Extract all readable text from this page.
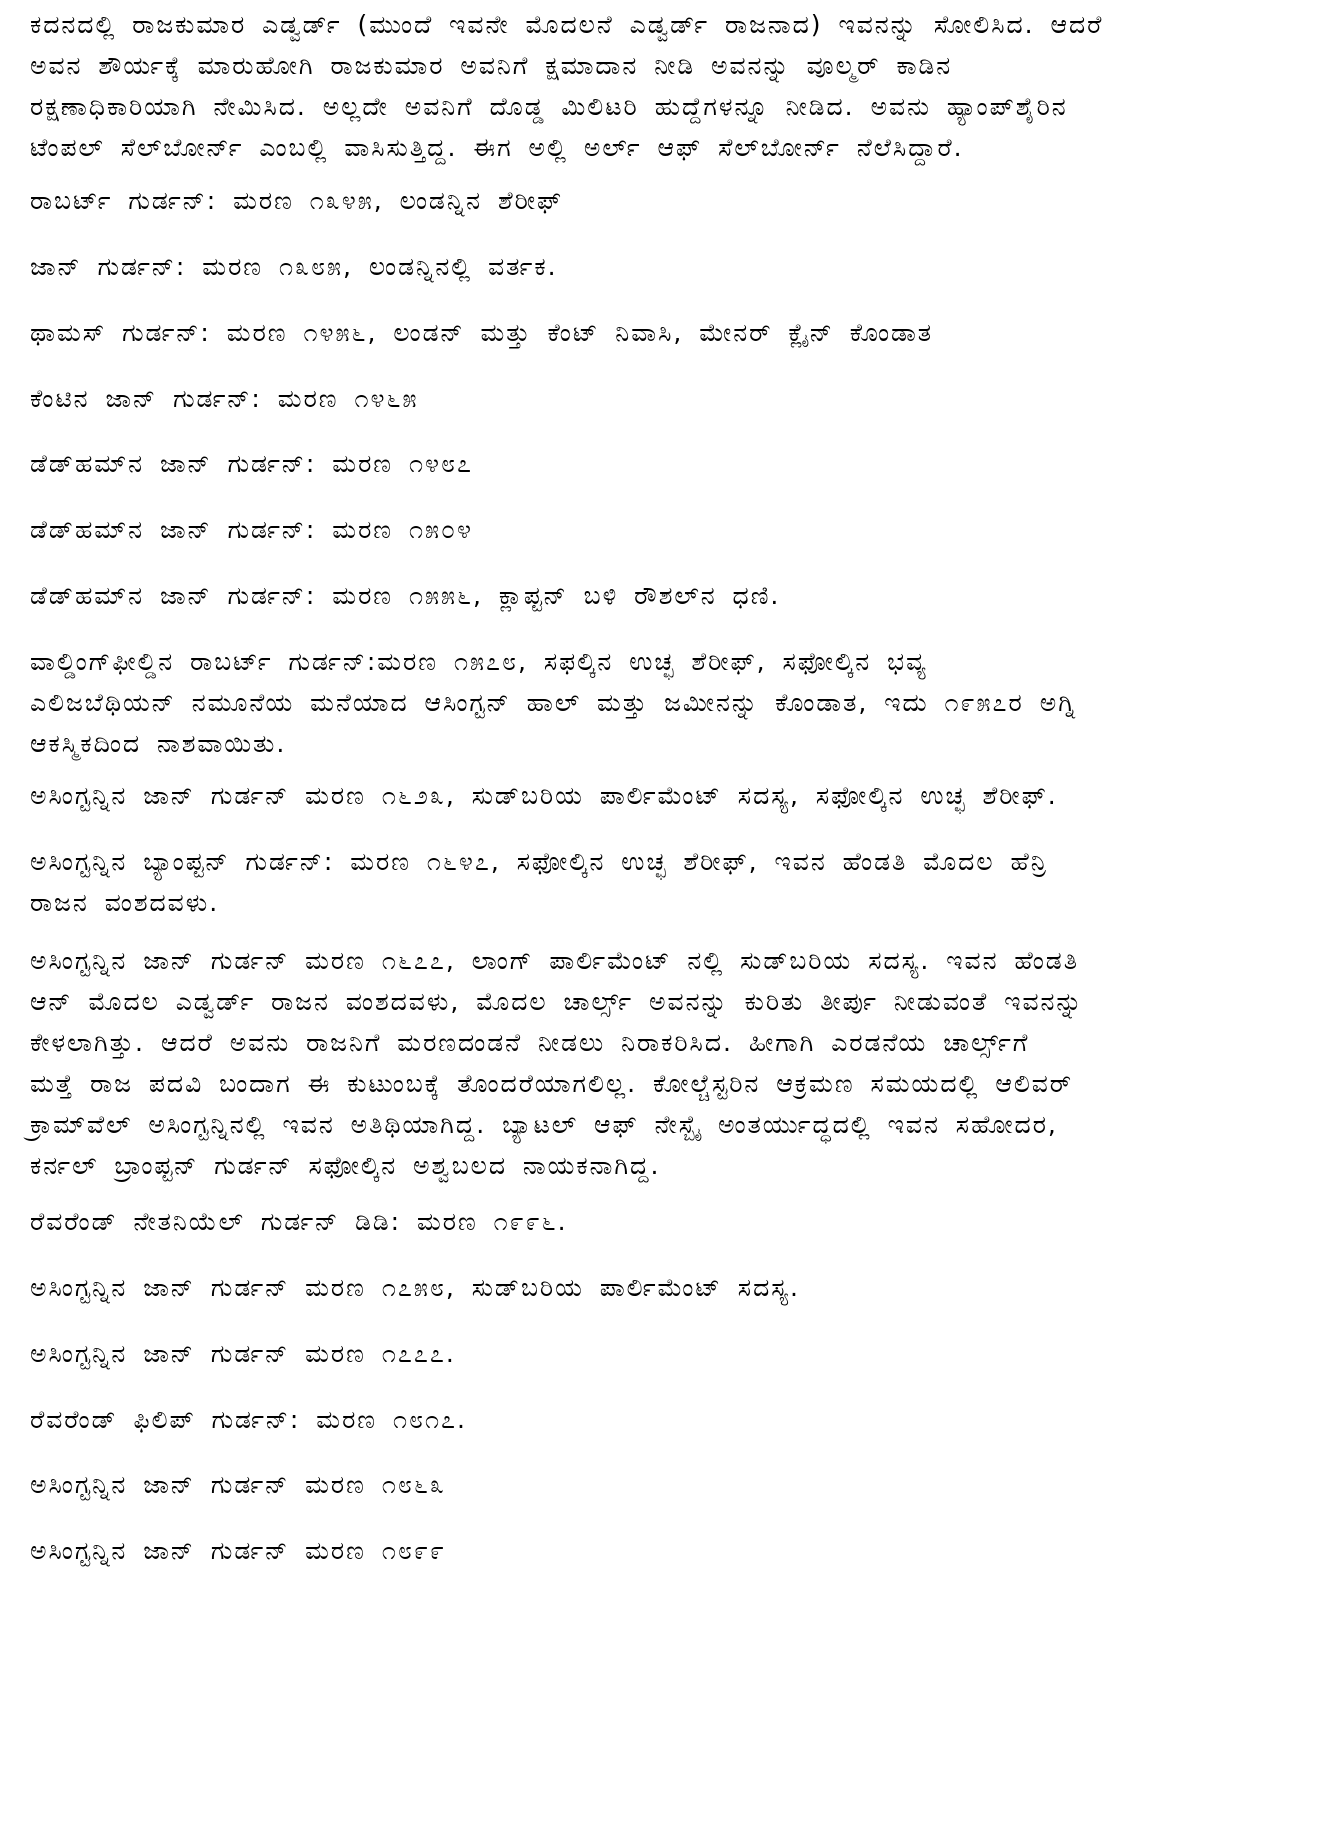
ಕದನದಲ್ಲಿ ರಾಜಕುಮಾರ ಎಡ್ವರ್ಡ್ (ಮುಂದೆ ಇವನೇ ಮೊದಲನೆ ಎಡ್ವರ್ಡ್ ರಾಜನಾದ) ಇವನನ್ನು ಸೋಲಿಸಿದ. ಆದರೆ
ಅವನ ಶೌರ್ಯಕ್ಕೆ ಮಾರುಹೋಗಿ ರಾಜಕುಮಾರ ಅವನಿಗೆ ಕ್ಷಮಾದಾನ ನೀಡಿ ಅವನನ್ನು ವೂಲ್ಮರ್ ಕಾಡಿನ
ರಕ್ಷಣಾಧಿಕಾರಿಯಾಗಿ ನೇಮಿಸಿದ. ಅಲ್ಲದೇ ಅವನಿಗೆ ದೊಡ್ಡ ಮಿಲಿಟರಿ ಹುದ್ದೆಗಳನ್ನೂ ನೀಡಿದ. ಅವನು ಹ್ಯಾಂಪ್‌ಶೈರಿನ
ಟೆಂಪಲ್ ಸೆಲ್‌ಬೋರ್ನ್ ಎಂಬಲ್ಲಿ ವಾಸಿಸುತ್ತಿದ್ದ. ಈಗ ಅಲ್ಲಿ ಅರ್ಲ್ ಆಫ್ ಸೆಲ್‌ಬೋರ್ನ್ ನೆಲೆಸಿದ್ದಾರೆ.

ರಾಬರ್ಟ್ ಗುರ್ಡನ್: ಮರಣ ೧೩೪೫, ಲಂಡನ್ನಿನ ಶೆರೀಫ್

ಜಾನ್ ಗುರ್ಡನ್: ಮರಣ ೧೩೮೫, ಲಂಡನ್ನಿನಲ್ಲಿ ವರ್ತಕ.

ಥಾಮಸ್ ಗುರ್ಡನ್: ಮರಣ ೧೪೫೬, ಲಂಡನ್ ಮತ್ತು ಕೆಂಟ್ ನಿವಾಸಿ, ಮೇನರ್ ಕ್ಲೈನ್ ಕೊಂಡಾತ

ಕೆಂಟಿನ ಜಾನ್ ಗುರ್ಡನ್: ಮರಣ ೧೪೬೫

ಡೆಡ್‌ಹಮ್‌ನ ಜಾನ್ ಗುರ್ಡನ್: ಮರಣ ೧೪೮೭

ಡೆಡ್‌ಹಮ್‌ನ ಜಾನ್ ಗುರ್ಡನ್: ಮರಣ ೧೫೦೪

ಡೆಡ್‌ಹಮ್‌ನ ಜಾನ್ ಗುರ್ಡನ್: ಮರಣ ೧೫೫೬, ಕ್ಲಾಪ್ಟನ್ ಬಳಿ ರೌಶಲ್‌ನ ಧಣಿ.

ವಾಲ್ಡಿಂಗ್‌ಫೀಲ್ಡಿನ ರಾಬರ್ಟ್ ಗುರ್ಡನ್:ಮರಣ ೧೫೭೮, ಸಫಲ್ಕಿನ ಉಚ್ಛ ಶೆರೀಫ್, ಸಫೋಲ್ಕಿನ ಭವ್ಯ
ಎಲಿಜಬೆಥಿಯನ್ ನಮೂನೆಯ ಮನೆಯಾದ ಆಸಿಂಗ್ಟನ್ ಹಾಲ್ ಮತ್ತು ಜಮೀನನ್ನು ಕೊಂಡಾತ, ಇದು ೧೯೫೭ರ ಅಗ್ನಿ
ಆಕಸ್ಮಿಕದಿಂದ ನಾಶವಾಯಿತು.

ಅಸಿಂಗ್ಟನ್ನಿನ ಜಾನ್ ಗುರ್ಡನ್ ಮರಣ ೧೬೨೩, ಸುಡ್‌ಬರಿಯ ಪಾರ್ಲಿಮೆಂಟ್ ಸದಸ್ಯ, ಸಫೋಲ್ಕಿನ ಉಚ್ಛ ಶೆರೀಫ್.

ಅಸಿಂಗ್ಟನ್ನಿನ ಬ್ಯಾಂಪ್ಟನ್ ಗುರ್ಡನ್: ಮರಣ ೧೬೪೭, ಸಫೋಲ್ಕಿನ ಉಚ್ಛ ಶೆರೀಫ್, ಇವನ ಹೆಂಡತಿ ಮೊದಲ ಹೆನ್ರಿ
ರಾಜನ ವಂಶದವಳು.

ಅಸಿಂಗ್ಟನ್ನಿನ ಜಾನ್ ಗುರ್ಡನ್ ಮರಣ ೧೬೭೭, ಲಾಂಗ್ ಪಾರ್ಲಿಮೆಂಟ್ ನಲ್ಲಿ ಸುಡ್‌ಬರಿಯ ಸದಸ್ಯ. ಇವನ ಹೆಂಡತಿ
ಆನ್ ಮೊದಲ ಎಡ್ವರ್ಡ್ ರಾಜನ ವಂಶದವಳು, ಮೊದಲ ಚಾರ್ಲ್ಸ್ ಅವನನ್ನು ಕುರಿತು ತೀರ್ಪು ನೀಡುವಂತೆ ಇವನನ್ನು
ಕೇಳಲಾಗಿತ್ತು. ಆದರೆ ಅವನು ರಾಜನಿಗೆ ಮರಣದಂಡನೆ ನೀಡಲು ನಿರಾಕರಿಸಿದ. ಹೀಗಾಗಿ ಎರಡನೆಯ ಚಾರ್ಲ್ಸ್‌ಗೆ
ಮತ್ತೆ ರಾಜ ಪದವಿ ಬಂದಾಗ ಈ ಕುಟುಂಬಕ್ಕೆ ತೊಂದರೆಯಾಗಲಿಲ್ಲ. ಕೋಲ್ಚೆಸ್ಟರಿನ ಆಕ್ರಮಣ ಸಮಯದಲ್ಲಿ ಆಲಿವರ್
ಕ್ರಾಮ್‌ವೆಲ್ ಅಸಿಂಗ್ಟನ್ನಿನಲ್ಲಿ ಇವನ ಅತಿಥಿಯಾಗಿದ್ದ. ಬ್ಯಾಟಲ್ ಆಫ್ ನೇಸ್ಬೈ ಅಂತರ್ಯುದ್ಧದಲ್ಲಿ ಇವನ ಸಹೋದರ,
ಕರ್ನಲ್ ಬ್ರಾಂಪ್ಟನ್ ಗುರ್ಡನ್ ಸಫೋಲ್ಕಿನ ಅಶ್ವಬಲದ ನಾಯಕನಾಗಿದ್ದ.

ರೆವರೆಂಡ್ ನೇತನಿಯೆಲ್ ಗುರ್ಡನ್ ಡಿಡಿ: ಮರಣ ೧೯೯೬.

ಅಸಿಂಗ್ಟನ್ನಿನ ಜಾನ್ ಗುರ್ಡನ್ ಮರಣ ೧೭೫೮, ಸುಡ್‌ಬರಿಯ ಪಾರ್ಲಿಮೆಂಟ್ ಸದಸ್ಯ.

ಅಸಿಂಗ್ಟನ್ನಿನ ಜಾನ್ ಗುರ್ಡನ್ ಮರಣ ೧೭೭೭.

ರೆವರೆಂಡ್ ಫಿಲಿಪ್ ಗುರ್ಡನ್: ಮರಣ ೧೮೧೭.

ಅಸಿಂಗ್ಟನ್ನಿನ ಜಾನ್ ಗುರ್ಡನ್ ಮರಣ ೧೮೬೩

ಅಸಿಂಗ್ಟನ್ನಿನ ಜಾನ್ ಗುರ್ಡನ್ ಮರಣ ೧೮೯೯
